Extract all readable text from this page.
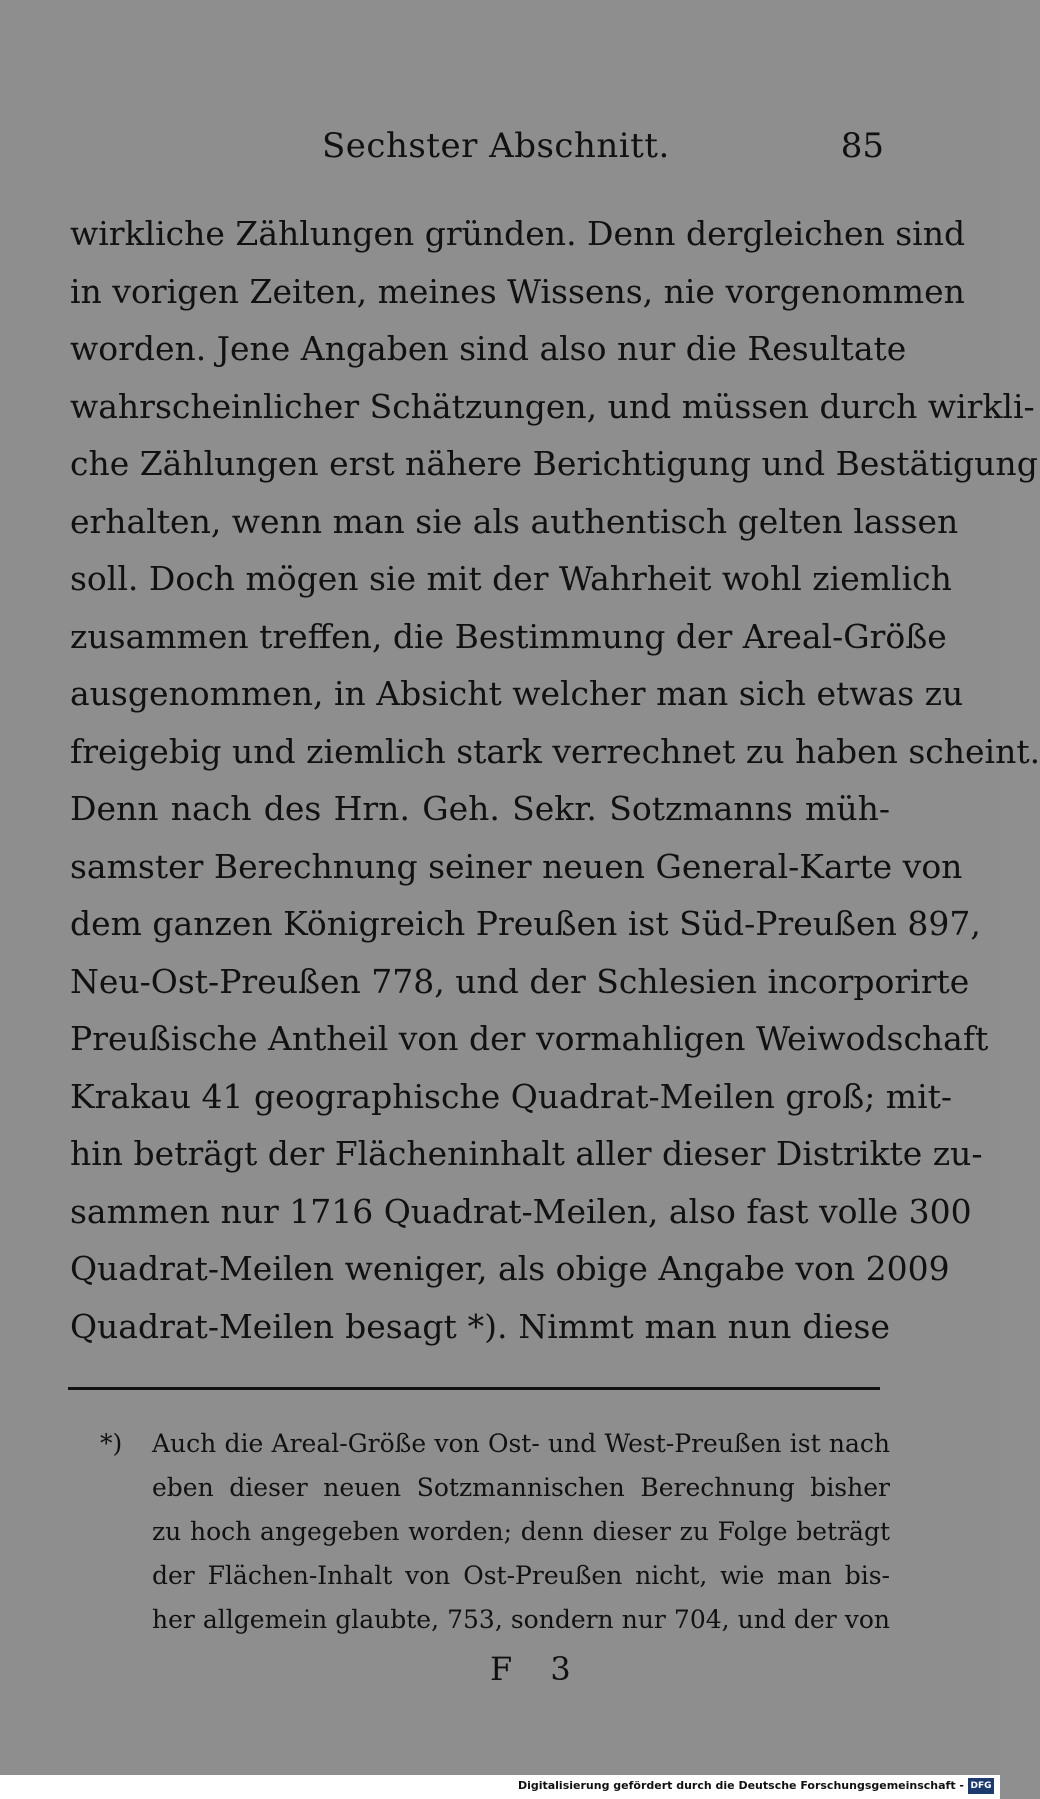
Sechster Abschnitt.	85
wirkliche Zählungen gründen. Denn dergleichen sind
in vorigen Zeiten, meines Wissens, nie vorgenommen
worden. Jene Angaben sind also nur die Resultate
wahrscheinlicher Schätzungen, und müssen durch wirkli-
che Zählungen erst nähere Berichtigung und Bestätigung
erhalten, wenn man sie als authentisch gelten lassen
soll. Doch mögen sie mit der Wahrheit wohl ziemlich
zusammen treffen, die Bestimmung der Areal-Größe
ausgenommen, in Absicht welcher man sich etwas zu
freigebig und ziemlich stark verrechnet zu haben scheint.
Denn nach des Hrn. Geh. Sekr. Sotzmanns müh-
samster Berechnung seiner neuen General-Karte von
dem ganzen Königreich Preußen ist Süd-Preußen 897,
Neu-Ost-Preußen 778, und der Schlesien incorporirte
Preußische Antheil von der vormahligen Weiwodschaft
Krakau 41 geographische Quadrat-Meilen groß; mit-
hin beträgt der Flächeninhalt aller dieser Distrikte zu-
sammen nur 1716 Quadrat-Meilen, also fast volle 300
Quadrat-Meilen weniger, als obige Angabe von 2009
Quadrat-Meilen besagt *). Nimmt man nun diese
*) Auch die Areal-Größe von Ost- und West-Preußen ist nach
eben dieser neuen Sotzmannischen Berechnung bisher
zu hoch angegeben worden; denn dieser zu Folge beträgt
der Flächen-Inhalt von Ost-Preußen nicht, wie man bis-
her allgemein glaubte, 753, sondern nur 704, und der von
F 3
Digitalisierung gefördert durch die Deutsche Forschungsgemeinschaft - DFG
